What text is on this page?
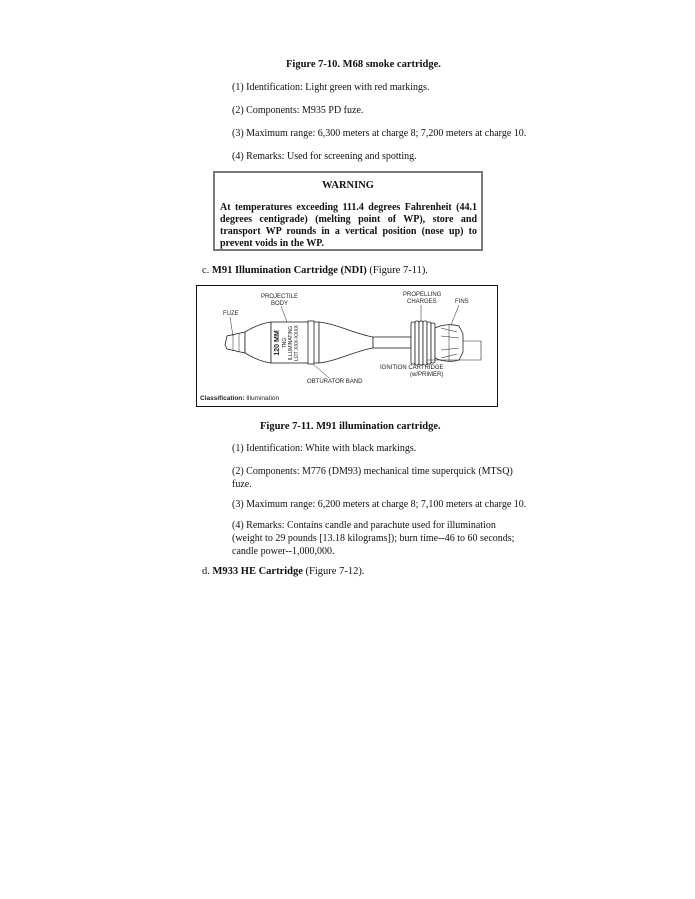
Figure 7-10. M68 smoke cartridge.
(1) Identification: Light green with red markings.
(2) Components: M935 PD fuze.
(3) Maximum range: 6,300 meters at charge 8; 7,200 meters at charge 10.
(4) Remarks: Used for screening and spotting.
WARNING
At temperatures exceeding 111.4 degrees Fahrenheit (44.1 degrees centigrade) (melting point of WP), store and transport WP rounds in a vertical position (nose up) to prevent voids in the WP.
c. M91 Illumination Cartridge (NDI) (Figure 7-11).
120 MM TNG ILLUMINATING LOT XXX-XXXX
PROJECTILE
BODY
FUZE
PROPELLING
CHARGES	FINS
IGNITION CARTRIDGE
(w/PRIMER)
OBTURATOR BAND
Classification: Illumination
Figure 7-11. M91 illumination cartridge.
(1) Identification: White with black markings.
(2) Components: M776 (DM93) mechanical time superquick (MTSQ) fuze.
(3) Maximum range: 6,200 meters at charge 8; 7,100 meters at charge 10.
(4) Remarks: Contains candle and parachute used for illumination (weight to 29 pounds [13.18 kilograms]); burn time--46 to 60 seconds; candle power--1,000,000.
d. M933 HE Cartridge (Figure 7-12).
